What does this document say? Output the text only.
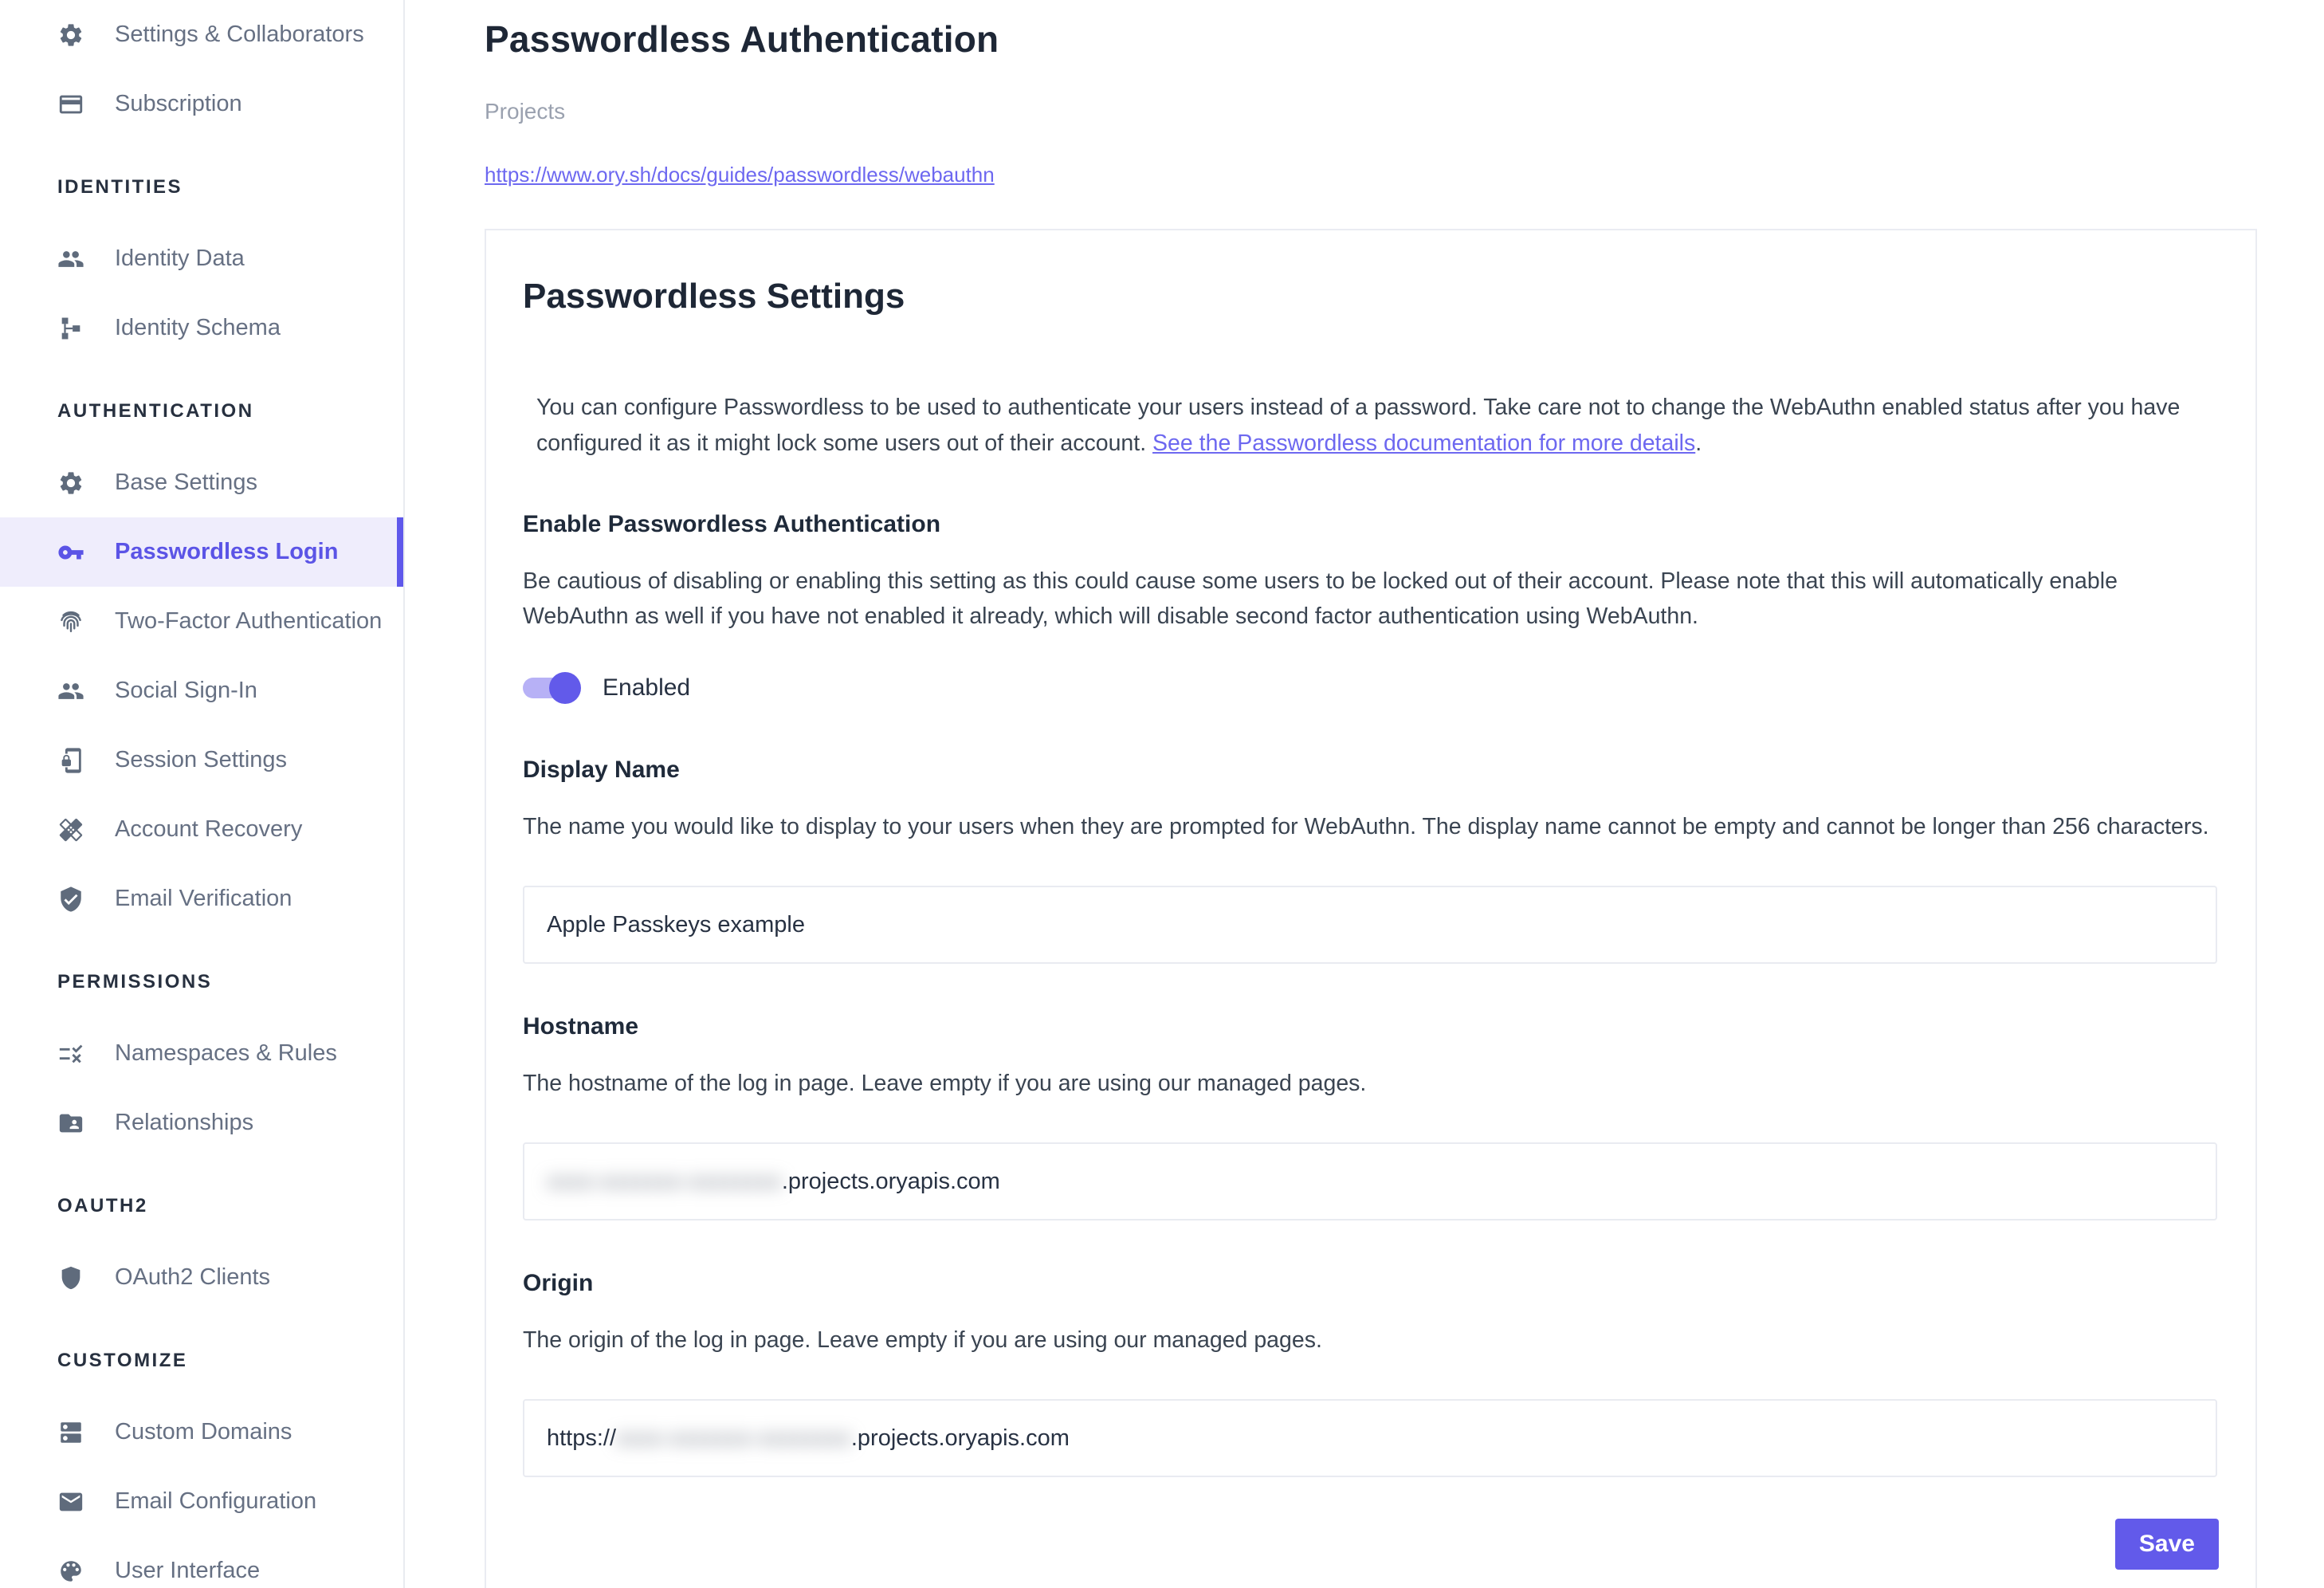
Settings & Collaborators
Subscription
IDENTITIES
Identity Data
Identity Schema
AUTHENTICATION
Base Settings
Passwordless Login
Two-Factor Authentication
Social Sign-In
Session Settings
Account Recovery
Email Verification
PERMISSIONS
Namespaces & Rules
Relationships
OAUTH2
OAuth2 Clients
CUSTOMIZE
Custom Domains
Email Configuration
User Interface
Passwordless Authentication
Projects
https://www.ory.sh/docs/guides/passwordless/webauthn
Passwordless Settings

You can configure Passwordless to be used to authenticate your users instead of a password. Take care not to change the WebAuthn enabled status after you have configured it as it might lock some users out of their account. See the Passwordless documentation for more details.

Enable Passwordless Authentication

Be cautious of disabling or enabling this setting as this could cause some users to be locked out of their account. Please note that this will automatically enable WebAuthn as well if you have not enabled it already, which will disable second factor authentication using WebAuthn.

Enabled
Display Name

The name you would like to display to your users when they are prompted for WebAuthn. The display name cannot be empty and cannot be longer than 256 characters.

Apple Passkeys example
Hostname

The hostname of the log in page. Leave empty if you are using our managed pages.

xxxx-xxxxxxx-xxxxxxxx .projects.oryapis.com
Origin

The origin of the log in page. Leave empty if you are using our managed pages.

https:// xxxx-xxxxxxx-xxxxxxxx .projects.oryapis.com
Save
